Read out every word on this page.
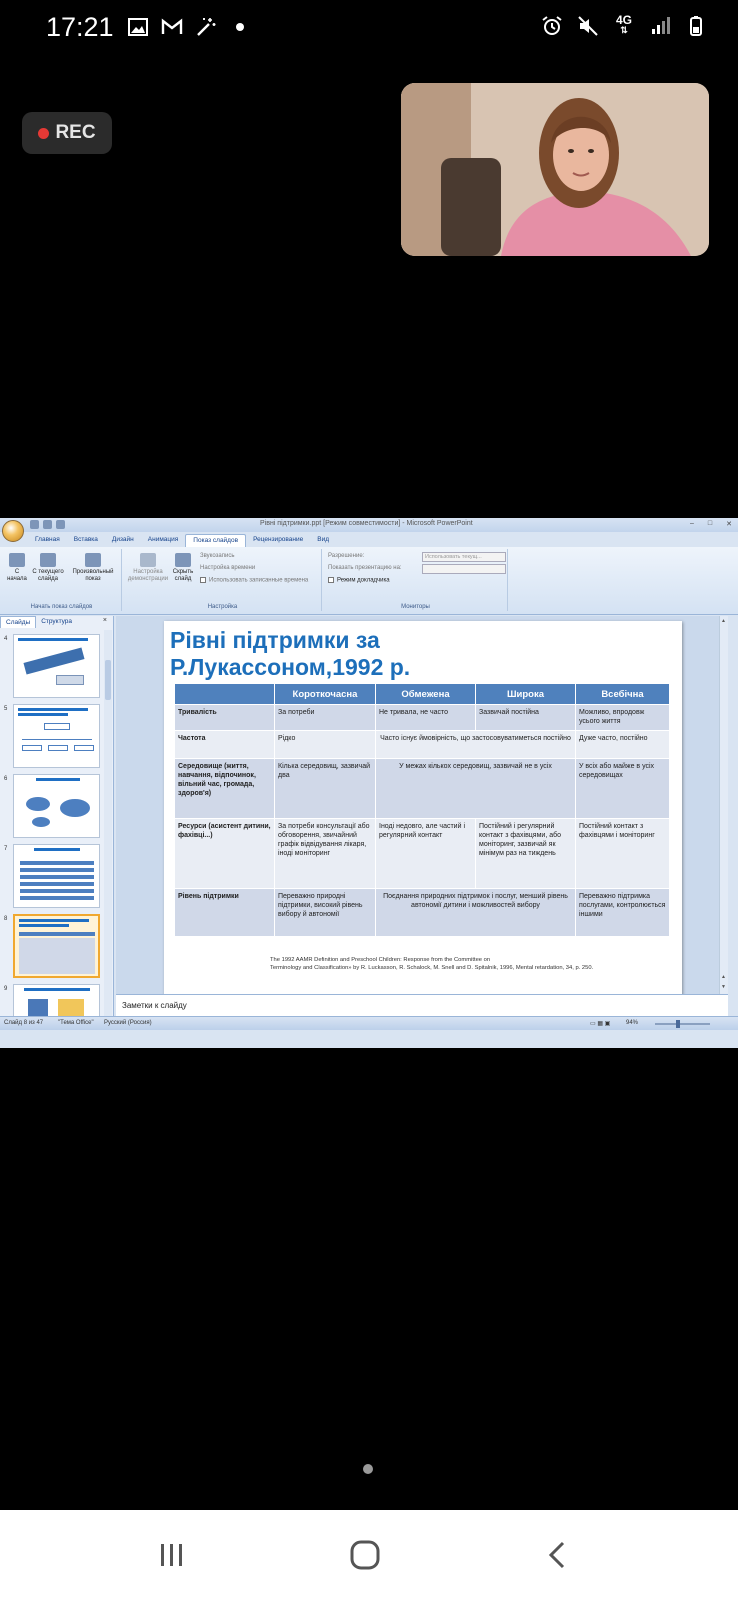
17:21	4G
⇅
REC
Рівні підтримки.ppt [Режим совместимости] - Microsoft PowerPoint	‒ □ ✕
Главная	Вставка	Дизайн	Анимация	Показ слайдов	Рецензирование	Вид
С начала
С текущего слайда
Произвольный показ
Начать показ слайдов
Настройка демонстрации
Скрыть слайд
Звукозапись
Настройка времени
Использовать записанные времена
Настройка
Разрешение:	Использовать текущ...
Показать презентацию на:
Режим докладчика
Мониторы
Слайды	Структура	×
4
5
6
7
8
9
Рівні підтримки за
Р.Лукассоном,1992 р.
	Короткочасна	Обмежена	Широка	Всебічна
Тривалість	За потреби	Не тривала, не часто	Зазвичай постійна	Можливо, впродовж усього життя
Частота	Рідко	Часто існує ймовірність, що застосовуватиметься постійно		Дуже часто, постійно
Середовище (життя, навчання, відпочинок, вільний час, громада, здоров'я)	Кілька середовищ, зазвичай два	У межах кількох середовищ, зазвичай не в усіх		У всіх або майже в усіх середовищах
Ресурси (асистент дитини, фахівці...)	За потреби консультації або обговорення, звичайний графік відвідування лікаря, іноді моніторинг	Іноді недовго, але частий і регулярний контакт	Постійний і регулярний контакт з фахівцями, або моніторинг, зазвичай як мінімум раз на тиждень	Постійний контакт з фахівцями і моніторинг
Рівень підтримки	Переважно природні підтримки, високий рівень вибору й автономії	Поєднання природних підтримок і послуг, менший рівень автономії дитини і можливостей вибору		Переважно підтримка послугами, контролюється іншими
The 1992 AAMR Definition and Preschool Children: Response from the Committee on
Terminology and Classification» by R. Luckasson, R. Schalock, M. Snell and D. Spitalnik, 1996, Mental retardation, 34, p. 250.
▲
▲
▼
Заметки к слайду
Слайд 8 из 47 "Тема Office" Русский (Россия)	▭ ▦ ▣	94%
